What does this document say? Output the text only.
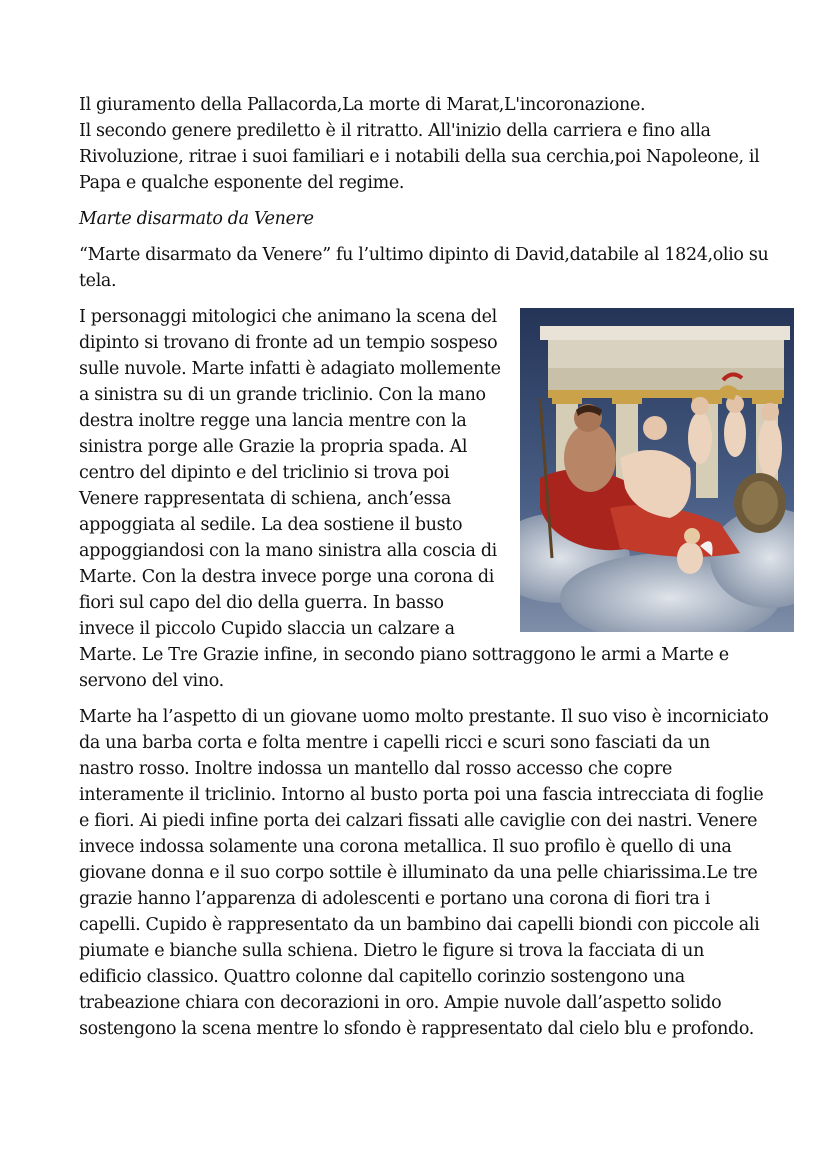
Il giuramento della Pallacorda,La morte di Marat,L'incoronazione.
Il secondo genere prediletto è il ritratto. All'inizio della carriera e fino alla Rivoluzione, ritrae i suoi familiari e i notabili della sua cerchia,poi Napoleone, il Papa e qualche esponente del regime.

Marte disarmato da Venere

“Marte disarmato da Venere” fu l’ultimo dipinto di David,databile al 1824,olio su tela.

I personaggi mitologici che animano la scena del dipinto si trovano di fronte ad un tempio sospeso sulle nuvole. Marte infatti è adagiato mollemente a sinistra su di un grande triclinio. Con la mano destra inoltre regge una lancia mentre con la sinistra porge alle Grazie la propria spada. Al centro del dipinto e del triclinio si trova poi Venere rappresentata di schiena, anch’essa appoggiata al sedile. La dea sostiene il busto appoggiandosi con la mano sinistra alla coscia di Marte. Con la destra invece porge una corona di fiori sul capo del dio della guerra. In basso invece il piccolo Cupido slaccia un calzare a Marte. Le Tre Grazie infine, in secondo piano sottraggono le armi a Marte e servono del vino.

Marte ha l’aspetto di un giovane uomo molto prestante. Il suo viso è incorniciato da una barba corta e folta mentre i capelli ricci e scuri sono fasciati da un nastro rosso. Inoltre indossa un mantello dal rosso accesso che copre interamente il triclinio. Intorno al busto porta poi una fascia intrecciata di foglie e fiori. Ai piedi infine porta dei calzari fissati alle caviglie con dei nastri. Venere invece indossa solamente una corona metallica. Il suo profilo è quello di una giovane donna e il suo corpo sottile è illuminato da una pelle chiarissima.Le tre grazie hanno l’apparenza di adolescenti e portano una corona di fiori tra i capelli. Cupido è rappresentato da un bambino dai capelli biondi con piccole ali piumate e bianche sulla schiena. Dietro le figure si trova la facciata di un edificio classico. Quattro colonne dal capitello corinzio sostengono una trabeazione chiara con decorazioni in oro. Ampie nuvole dall’aspetto solido sostengono la scena mentre lo sfondo è rappresentato dal cielo blu e profondo.
